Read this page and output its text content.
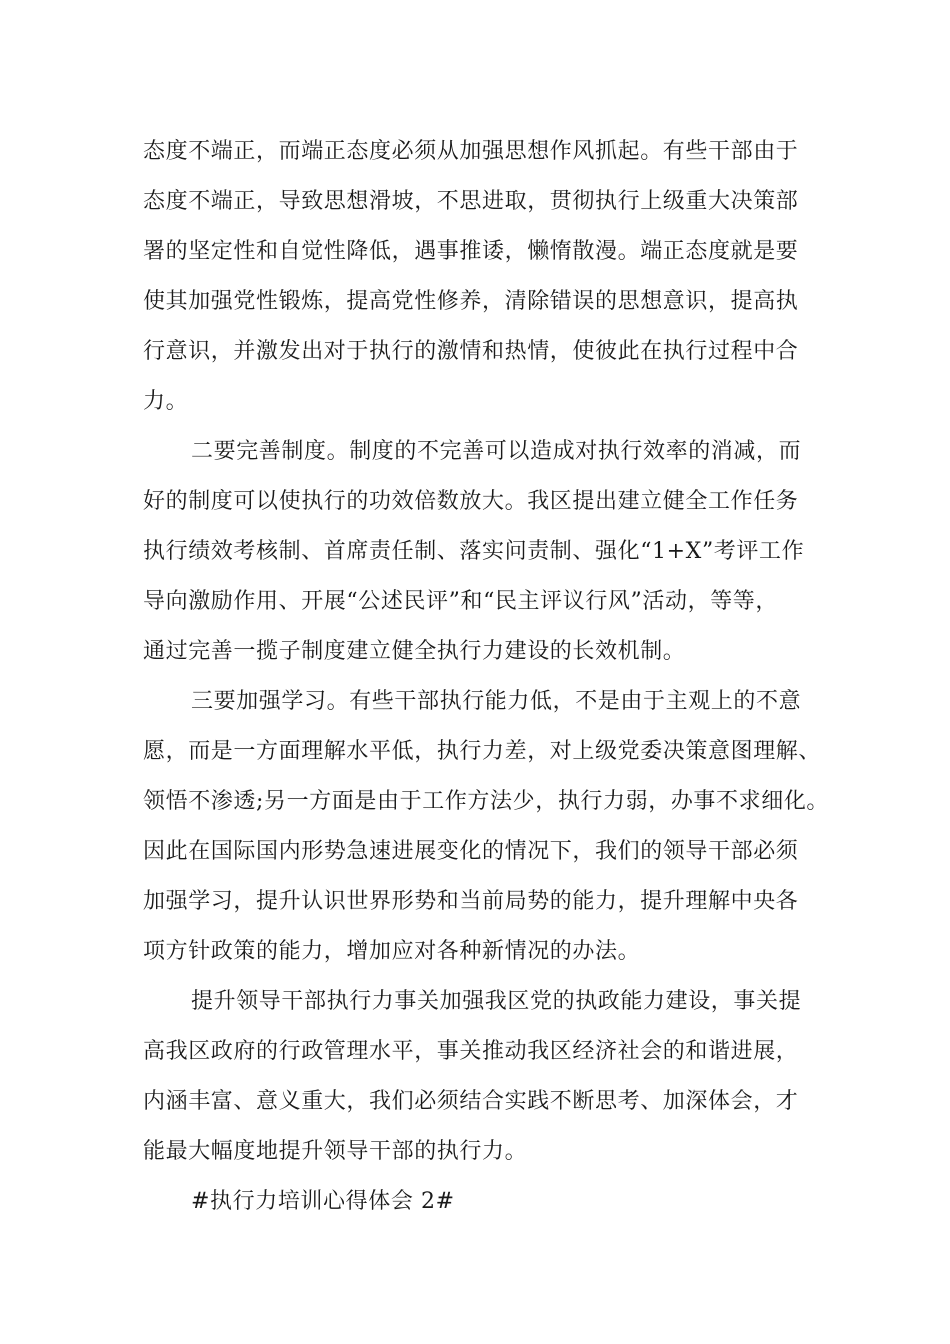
态度不端正，而端正态度必须从加强思想作风抓起。有些干部由于

态度不端正，导致思想滑坡，不思进取，贯彻执行上级重大决策部

署的坚定性和自觉性降低，遇事推诿，懒惰散漫。端正态度就是要

使其加强党性锻炼，提高党性修养，清除错误的思想意识，提高执

行意识，并激发出对于执行的激情和热情，使彼此在执行过程中合

力。

二要完善制度。制度的不完善可以造成对执行效率的消减，而

好的制度可以使执行的功效倍数放大。我区提出建立健全工作任务

执行绩效考核制、首席责任制、落实问责制、强化“1+X”考评工作

导向激励作用、开展“公述民评”和“民主评议行风”活动，等等，

通过完善一揽子制度建立健全执行力建设的长效机制。

三要加强学习。有些干部执行能力低，不是由于主观上的不意

愿，而是一方面理解水平低，执行力差，对上级党委决策意图理解、

领悟不渗透;另一方面是由于工作方法少，执行力弱，办事不求细化。

因此在国际国内形势急速进展变化的情况下，我们的领导干部必须

加强学习，提升认识世界形势和当前局势的能力，提升理解中央各

项方针政策的能力，增加应对各种新情况的办法。

提升领导干部执行力事关加强我区党的执政能力建设，事关提

高我区政府的行政管理水平，事关推动我区经济社会的和谐进展，

内涵丰富、意义重大，我们必须结合实践不断思考、加深体会，才

能最大幅度地提升领导干部的执行力。

#执行力培训心得体会 2#
